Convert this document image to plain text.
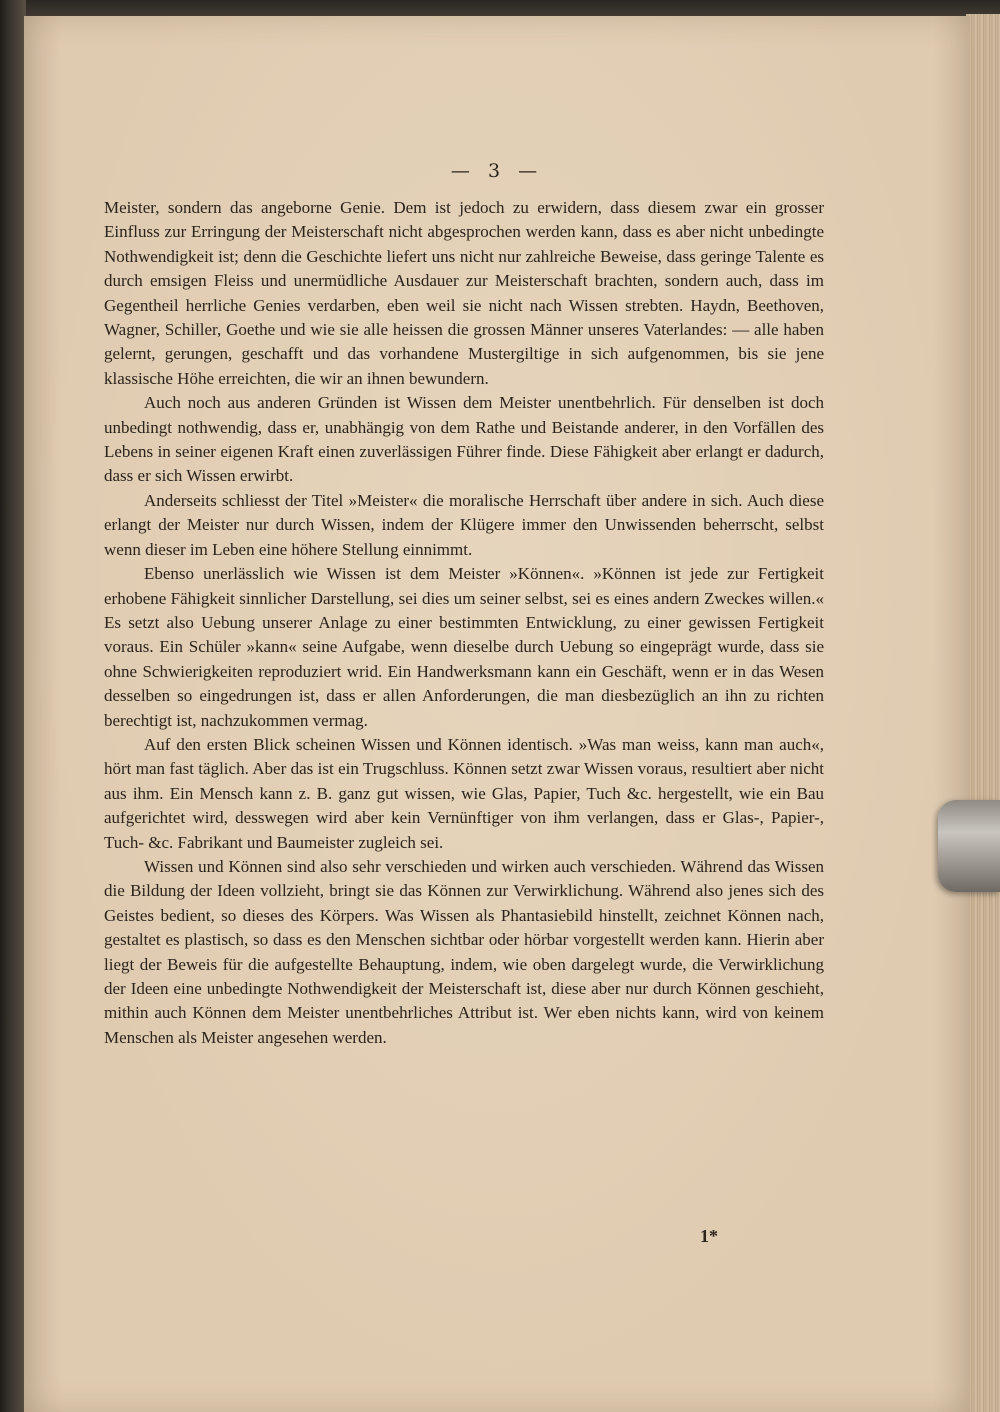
— 3 —

Meister, sondern das angeborne Genie. Dem ist jedoch zu erwidern, dass diesem zwar ein grosser Einfluss zur Erringung der Meisterschaft nicht abgesprochen werden kann, dass es aber nicht unbedingte Nothwendigkeit ist; denn die Geschichte liefert uns nicht nur zahlreiche Beweise, dass geringe Talente es durch emsigen Fleiss und unermüdliche Ausdauer zur Meisterschaft brachten, sondern auch, dass im Gegentheil herrliche Genies verdarben, eben weil sie nicht nach Wissen strebten. Haydn, Beethoven, Wagner, Schiller, Goethe und wie sie alle heissen die grossen Männer unseres Vaterlandes: — alle haben gelernt, gerungen, geschafft und das vorhandene Mustergiltige in sich aufgenommen, bis sie jene klassische Höhe erreichten, die wir an ihnen bewundern.

Auch noch aus anderen Gründen ist Wissen dem Meister unentbehrlich. Für denselben ist doch unbedingt nothwendig, dass er, unabhängig von dem Rathe und Beistande anderer, in den Vorfällen des Lebens in seiner eigenen Kraft einen zuverlässigen Führer finde. Diese Fähigkeit aber erlangt er dadurch, dass er sich Wissen erwirbt.

Anderseits schliesst der Titel »Meister« die moralische Herrschaft über andere in sich. Auch diese erlangt der Meister nur durch Wissen, indem der Klügere immer den Unwissenden beherrscht, selbst wenn dieser im Leben eine höhere Stellung einnimmt.

Ebenso unerlässlich wie Wissen ist dem Meister »Können«. »Können ist jede zur Fertigkeit erhobene Fähigkeit sinnlicher Darstellung, sei dies um seiner selbst, sei es eines andern Zweckes willen.« Es setzt also Uebung unserer Anlage zu einer bestimmten Entwicklung, zu einer gewissen Fertigkeit voraus. Ein Schüler »kann« seine Aufgabe, wenn dieselbe durch Uebung so eingeprägt wurde, dass sie ohne Schwierigkeiten reproduziert wrid. Ein Handwerksmann kann ein Geschäft, wenn er in das Wesen desselben so eingedrungen ist, dass er allen Anforderungen, die man diesbezüglich an ihn zu richten berechtigt ist, nachzukommen vermag.

Auf den ersten Blick scheinen Wissen und Können identisch. »Was man weiss, kann man auch«, hört man fast täglich. Aber das ist ein Trugschluss. Können setzt zwar Wissen voraus, resultiert aber nicht aus ihm. Ein Mensch kann z. B. ganz gut wissen, wie Glas, Papier, Tuch &c. hergestellt, wie ein Bau aufgerichtet wird, desswegen wird aber kein Vernünftiger von ihm verlangen, dass er Glas-, Papier-, Tuch- &c. Fabrikant und Baumeister zugleich sei.

Wissen und Können sind also sehr verschieden und wirken auch verschieden. Während das Wissen die Bildung der Ideen vollzieht, bringt sie das Können zur Verwirklichung. Während also jenes sich des Geistes bedient, so dieses des Körpers. Was Wissen als Phantasiebild hinstellt, zeichnet Können nach, gestaltet es plastisch, so dass es den Menschen sichtbar oder hörbar vorgestellt werden kann. Hierin aber liegt der Beweis für die aufgestellte Behauptung, indem, wie oben dargelegt wurde, die Verwirklichung der Ideen eine unbedingte Nothwendigkeit der Meisterschaft ist, diese aber nur durch Können geschieht, mithin auch Können dem Meister unentbehrliches Attribut ist. Wer eben nichts kann, wird von keinem Menschen als Meister angesehen werden.

1*
